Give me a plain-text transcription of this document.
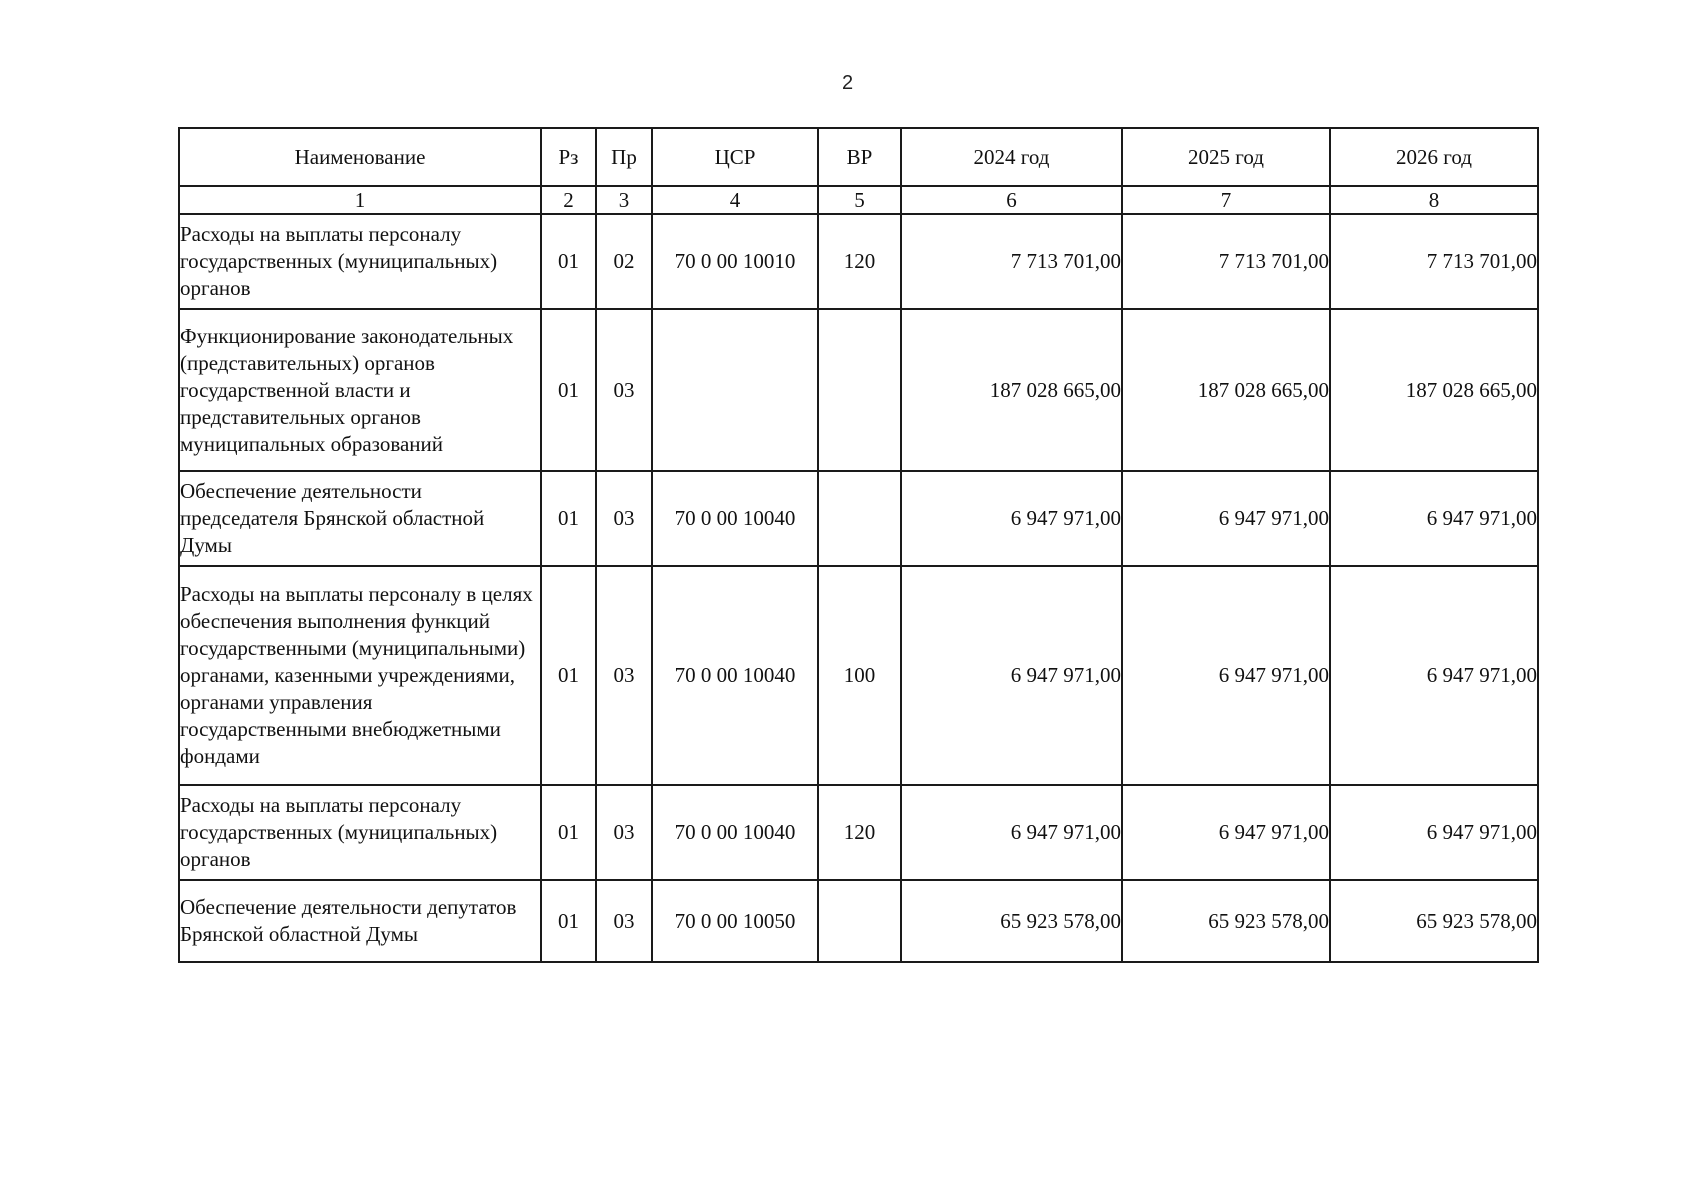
2
Наименование	Рз	Пр	ЦСР	ВР	2024 год	2025 год	2026 год
1	2	3	4	5	6	7	8
Расходы на выплаты персоналу государственных (муниципальных) органов	01	02	70 0 00 10010	120	7 713 701,00	7 713 701,00	7 713 701,00
Функционирование законодательных (представительных) органов государственной власти и представительных органов муниципальных образований	01	03			187 028 665,00	187 028 665,00	187 028 665,00
Обеспечение деятельности председателя Брянской областной Думы	01	03	70 0 00 10040		6 947 971,00	6 947 971,00	6 947 971,00
Расходы на выплаты персоналу в целях обеспечения выполнения функций государственными (муниципальными) органами, казенными учреждениями, органами управления государственными внебюджетными фондами	01	03	70 0 00 10040	100	6 947 971,00	6 947 971,00	6 947 971,00
Расходы на выплаты персоналу государственных (муниципальных) органов	01	03	70 0 00 10040	120	6 947 971,00	6 947 971,00	6 947 971,00
Обеспечение деятельности депутатов Брянской областной Думы	01	03	70 0 00 10050		65 923 578,00	65 923 578,00	65 923 578,00
